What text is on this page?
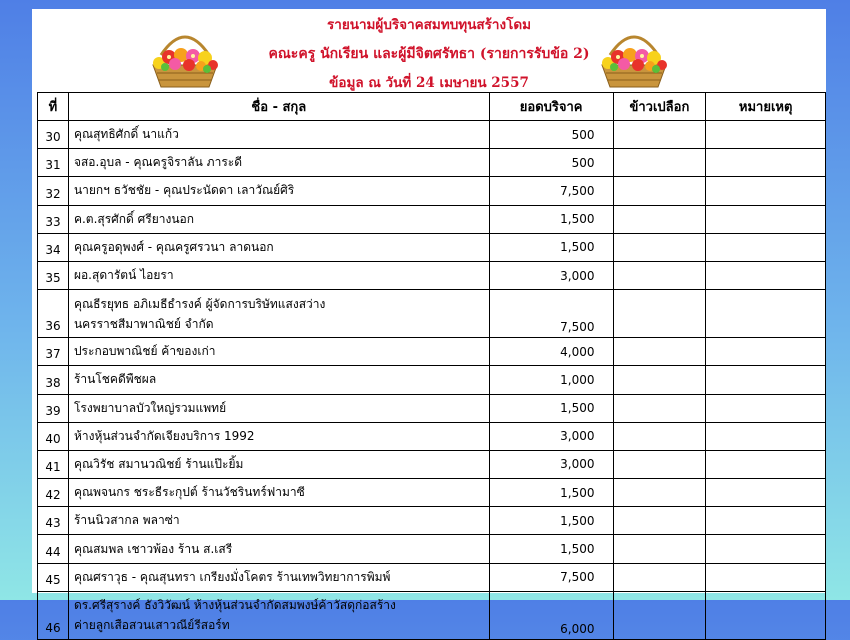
รายนามผู้บริจาคสมทบทุนสร้างโดม
คณะครู นักเรียน และผู้มีจิตศรัทธา (รายการรับข้อ 2)
ข้อมูล ณ วันที่ 24 เมษายน 2557
ที่	ชื่อ - สกุล	ยอดบริจาค	ข้าวเปลือก	หมายเหตุ
30	คุณสุทธิศักดิ์ นาแก้ว	500		
31	จสอ.อุบล - คุณครูจิราลัน ภาระดี	500		
32	นายกฯ ธวัชชัย - คุณประนัดดา เลาวัณย์ศิริ	7,500		
33	ค.ต.สุรศักดิ์ ศรียางนอก	1,500		
34	คุณครูอดุพงศ์ - คุณครูศรวนา ลาดนอก	1,500		
35	ผอ.สุดารัตน์ ไอยรา	3,000		
36	คุณธีรยุทธ อภิเมธีธำรงค์ ผู้จัดการบริษัทแสงสว่าง
นครราชสีมาพาณิชย์ จำกัด	7,500		
37	ประกอบพาณิชย์ ค้าของเก่า	4,000		
38	ร้านโชคดีพืชผล	1,000		
39	โรงพยาบาลบัวใหญ่รวมแพทย์	1,500		
40	ห้างหุ้นส่วนจำกัดเจียงบริการ 1992	3,000		
41	คุณวิรัช สมานวณิชย์ ร้านแป๊ะยิ้ม	3,000		
42	คุณพจนกร ชระธีระกุปต์ ร้านวัชรินทร์ฟามาซี	1,500		
43	ร้านนิวสากล พลาซ่า	1,500		
44	คุณสมพล เชาวพ้อง ร้าน ส.เสรี	1,500		
45	คุณศราวุธ - คุณสุนทรา เกรียงมั่งโคตร ร้านเทพวิทยาการพิมพ์	7,500		
46	ดร.ศรีสุรางค์ ธังวิวัฒน์ ห้างหุ้นส่วนจำกัดสมพงษ์ค้าวัสดุก่อสร้าง
ค่ายลูกเสือสวนเสาวณีย์รีสอร์ท	6,000		
